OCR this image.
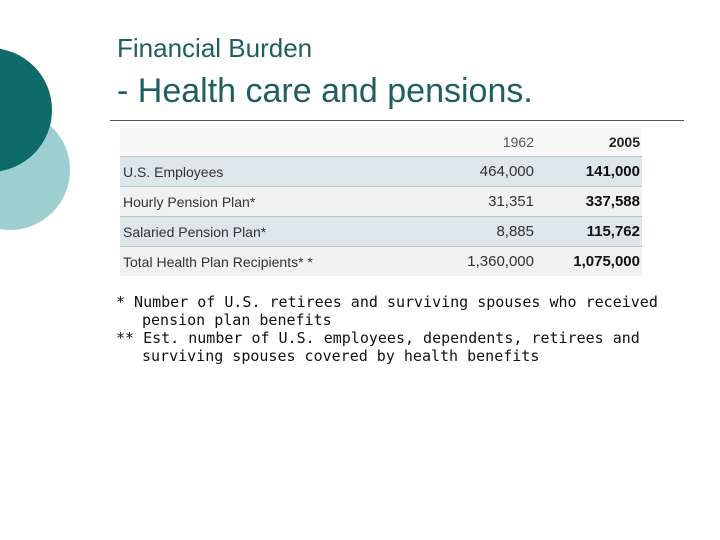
Financial Burden
- Health care and pensions.
	1962	2005
U.S. Employees	464,000	141,000
Hourly Pension Plan*	31,351	337,588
Salaried Pension Plan*	8,885	115,762
Total Health Plan Recipients* *	1,360,000	1,075,000
* Number of U.S. retirees and surviving spouses who received pension plan benefits
** Est. number of U.S. employees, dependents, retirees and surviving spouses covered by health benefits
